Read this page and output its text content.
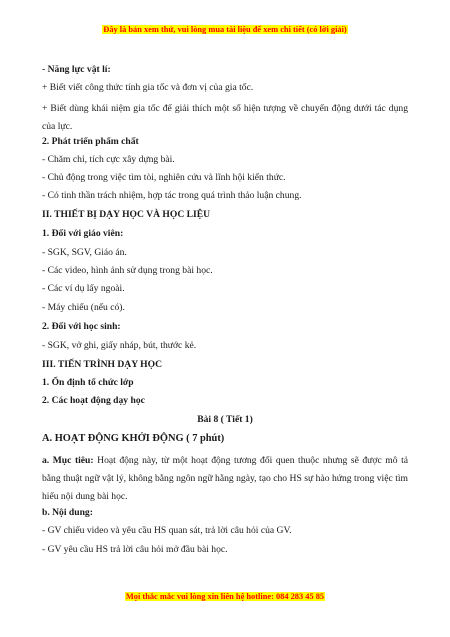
Đây là bản xem thử, vui lòng mua tài liệu để xem chi tiết (có lời giải)
- Năng lực vật lí:
+ Biết viết công thức tính gia tốc và đơn vị của gia tốc.
+ Biết dùng khái niệm gia tốc để giải thích một số hiện tượng về chuyển động dưới tác dụng của lực.
2. Phát triển phẩm chất
- Chăm chỉ, tích cực xây dựng bài.
- Chủ động trong việc tìm tòi, nghiên cứu và lĩnh hội kiến thức.
- Có tinh thần trách nhiệm, hợp tác trong quá trình thảo luận chung.
II. THIẾT BỊ DẠY HỌC VÀ HỌC LIỆU
1. Đối với giáo viên:
- SGK, SGV, Giáo án.
- Các video, hình ảnh sử dụng trong bài học.
- Các ví dụ lấy ngoài.
- Máy chiếu (nếu có).
2. Đối với học sinh:
- SGK, vở ghi, giấy nháp, bút, thước kẻ.
III. TIẾN TRÌNH DẠY HỌC
1. Ổn định tổ chức lớp
2. Các hoạt động dạy học
Bài 8 ( Tiết 1)
A. HOẠT ĐỘNG KHỞI ĐỘNG ( 7 phút)
a. Mục tiêu: Hoạt động này, từ một hoạt động tương đối quen thuộc nhưng sẽ được mô tả bằng thuật ngữ vật lý, không bằng ngôn ngữ hằng ngày, tạo cho HS sự hào hứng trong việc tìm hiểu nội dung bài học.
b. Nội dung:
- GV chiếu video và yêu cầu HS quan sát, trả lời câu hỏi của GV.
- GV yêu cầu HS trả lời câu hỏi mở đầu bài học.
Mọi thắc mắc vui lòng xin liên hệ hotline: 084 283 45 85
